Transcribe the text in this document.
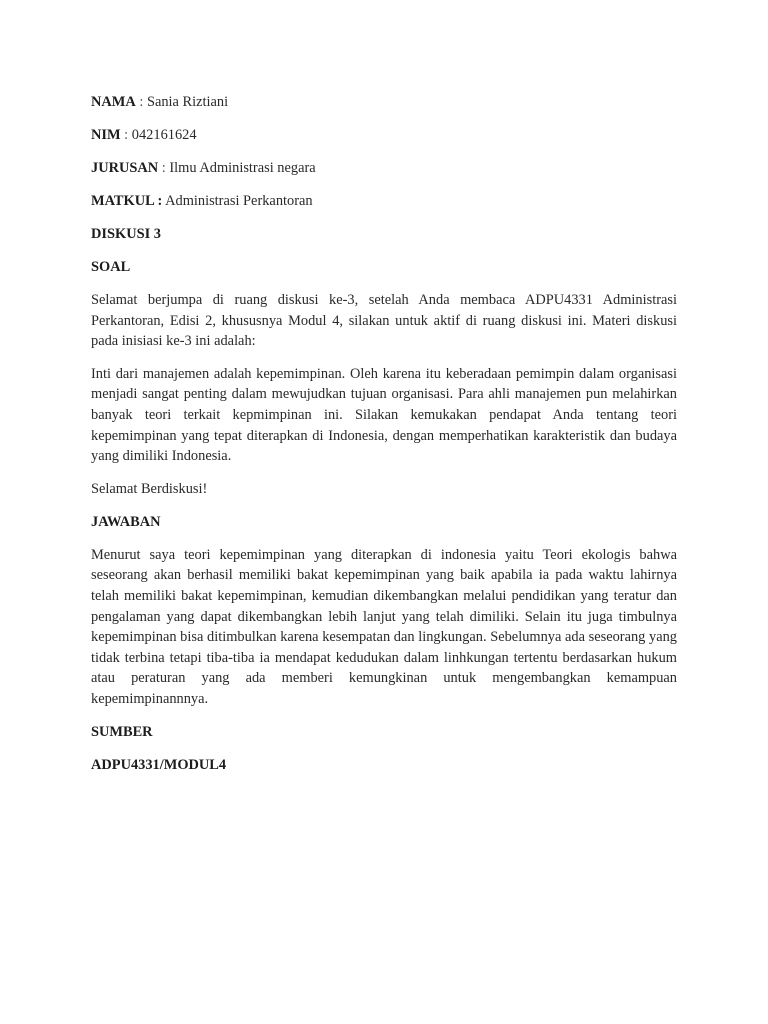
NAMA : Sania Riztiani
NIM : 042161624
JURUSAN : Ilmu Administrasi negara
MATKUL : Administrasi Perkantoran
DISKUSI 3
SOAL

Selamat berjumpa di ruang diskusi ke-3, setelah Anda membaca ADPU4331 Administrasi Perkantoran, Edisi 2, khususnya Modul 4, silakan untuk aktif di ruang diskusi ini. Materi diskusi pada inisiasi ke-3 ini adalah:

Inti dari manajemen adalah kepemimpinan. Oleh karena itu keberadaan pemimpin dalam organisasi menjadi sangat penting dalam mewujudkan tujuan organisasi. Para ahli manajemen pun melahirkan banyak teori terkait kepmimpinan ini. Silakan kemukakan pendapat Anda tentang teori kepemimpinan yang tepat diterapkan di Indonesia, dengan memperhatikan karakteristik dan budaya yang dimiliki Indonesia.

Selamat Berdiskusi!

JAWABAN

Menurut saya teori kepemimpinan yang diterapkan di indonesia yaitu Teori ekologis bahwa seseorang akan berhasil memiliki bakat kepemimpinan yang baik apabila ia pada waktu lahirnya telah memiliki bakat kepemimpinan, kemudian dikembangkan melalui pendidikan yang teratur dan pengalaman yang dapat dikembangkan lebih lanjut yang telah dimiliki. Selain itu juga timbulnya kepemimpinan bisa ditimbulkan karena kesempatan dan lingkungan. Sebelumnya ada seseorang yang tidak terbina tetapi tiba-tiba ia mendapat kedudukan dalam linhkungan tertentu berdasarkan hukum atau peraturan yang ada memberi kemungkinan untuk mengembangkan kemampuan kepemimpinannnya.

SUMBER
ADPU4331/MODUL4
